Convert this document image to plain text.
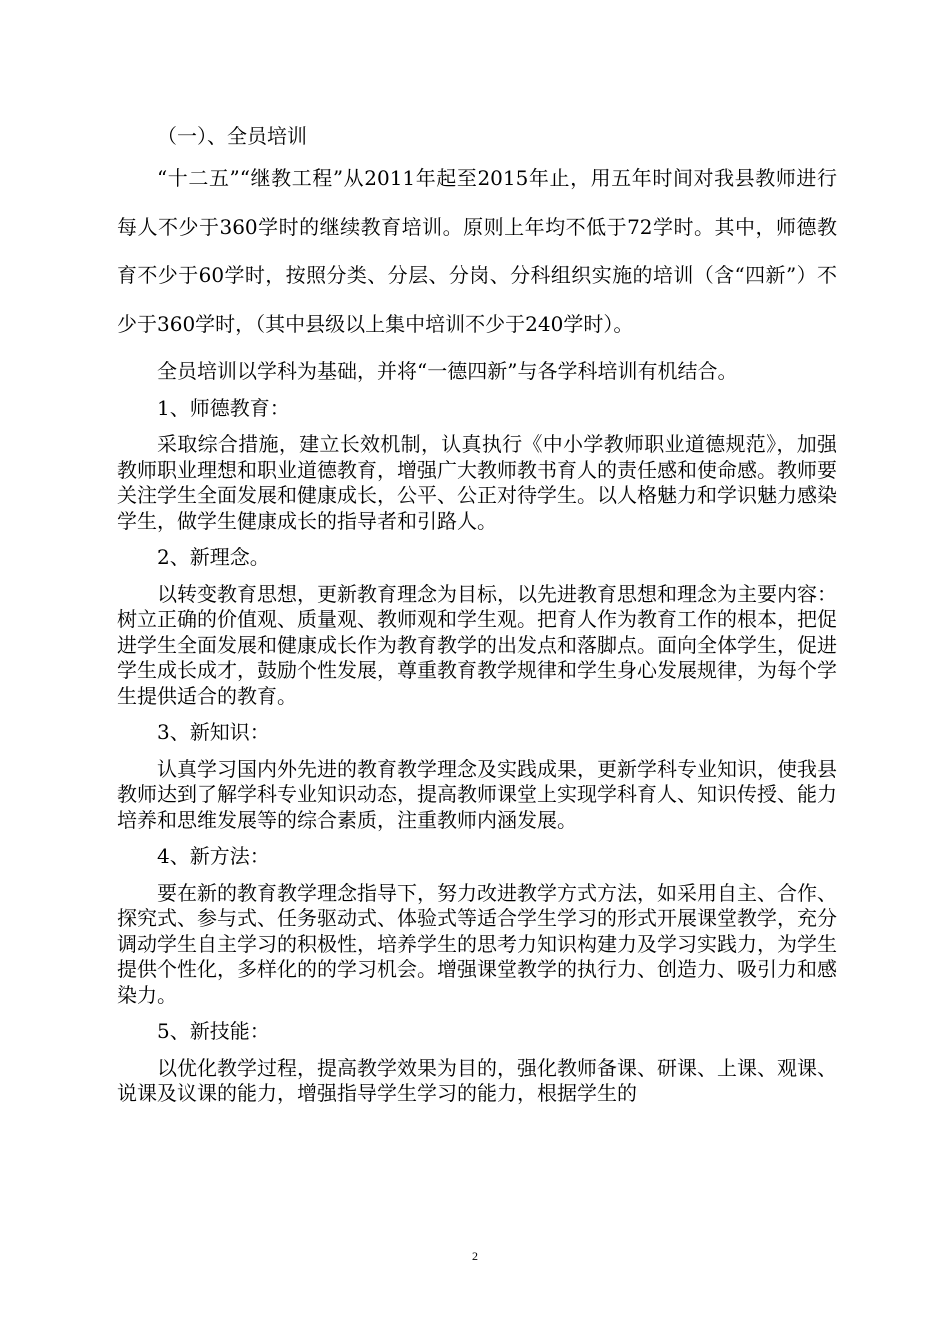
（一）、全员培训

“十二五”“继教工程”从2011年起至2015年止，用五年时间对我县教师进行每人不少于360学时的继续教育培训。原则上年均不低于72学时。其中，师德教育不少于60学时，按照分类、分层、分岗、分科组织实施的培训（含“四新”）不少于360学时，（其中县级以上集中培训不少于240学时）。

全员培训以学科为基础，并将“一德四新”与各学科培训有机结合。

1、师德教育：

采取综合措施，建立长效机制，认真执行《中小学教师职业道德规范》，加强教师职业理想和职业道德教育，增强广大教师教书育人的责任感和使命感。教师要关注学生全面发展和健康成长，公平、公正对待学生。以人格魅力和学识魅力感染学生，做学生健康成长的指导者和引路人。

2、新理念。

以转变教育思想，更新教育理念为目标，以先进教育思想和理念为主要内容：树立正确的价值观、质量观、教师观和学生观。把育人作为教育工作的根本，把促进学生全面发展和健康成长作为教育教学的出发点和落脚点。面向全体学生，促进学生成长成才，鼓励个性发展，尊重教育教学规律和学生身心发展规律，为每个学生提供适合的教育。

3、新知识：

认真学习国内外先进的教育教学理念及实践成果，更新学科专业知识，使我县教师达到了解学科专业知识动态，提高教师课堂上实现学科育人、知识传授、能力培养和思维发展等的综合素质，注重教师内涵发展。

4、新方法：

要在新的教育教学理念指导下，努力改进教学方式方法，如采用自主、合作、探究式、参与式、任务驱动式、体验式等适合学生学习的形式开展课堂教学，充分调动学生自主学习的积极性，培养学生的思考力知识构建力及学习实践力，为学生提供个性化，多样化的的学习机会。增强课堂教学的执行力、创造力、吸引力和感染力。

5、新技能：

以优化教学过程，提高教学效果为目的，强化教师备课、研课、上课、观课、说课及议课的能力，增强指导学生学习的能力，根据学生的

2
